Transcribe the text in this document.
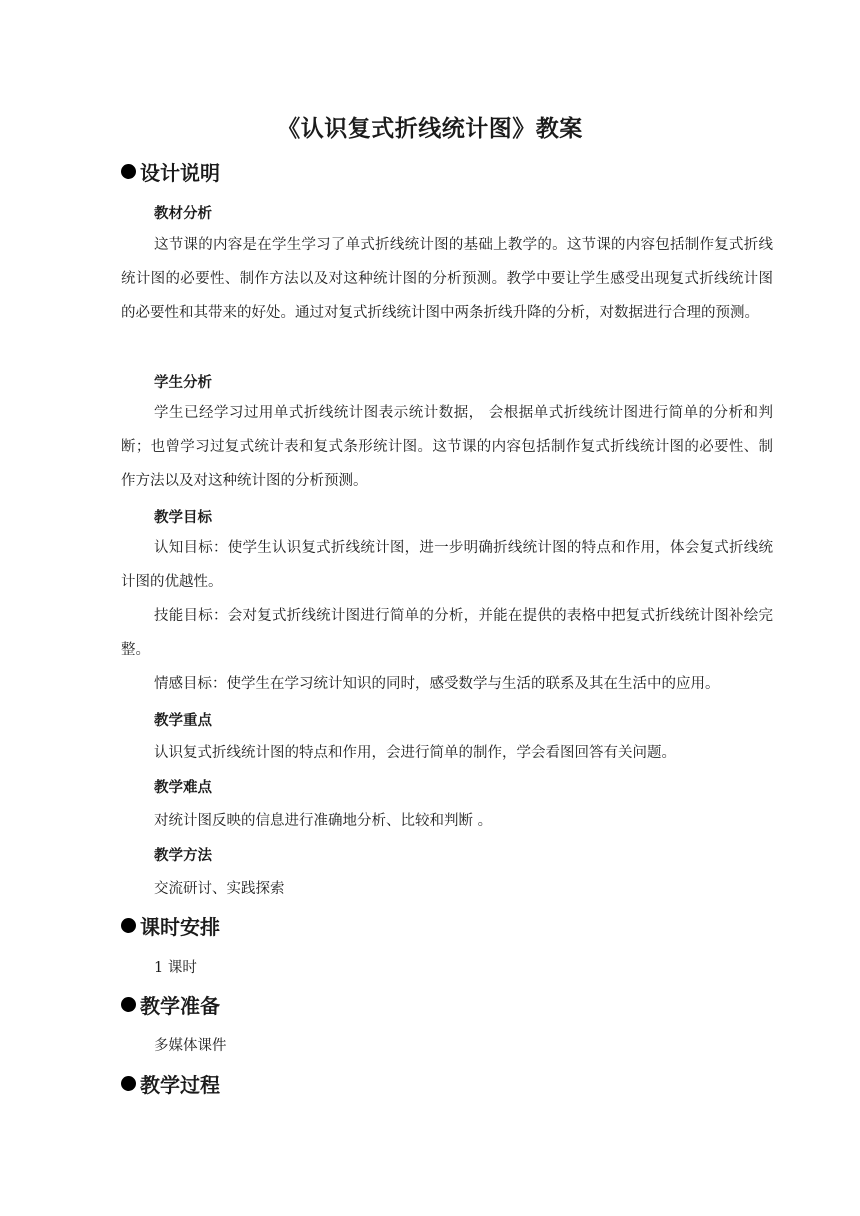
《认识复式折线统计图》教案
设计说明
教材分析
这节课的内容是在学生学习了单式折线统计图的基础上教学的。这节课的内容包括制作复式折线统计图的必要性、制作方法以及对这种统计图的分析预测。教学中要让学生感受出现复式折线统计图的必要性和其带来的好处。通过对复式折线统计图中两条折线升降的分析，对数据进行合理的预测。
学生分析
学生已经学习过用单式折线统计图表示统计数据， 会根据单式折线统计图进行简单的分析和判断；也曾学习过复式统计表和复式条形统计图。这节课的内容包括制作复式折线统计图的必要性、制作方法以及对这种统计图的分析预测。
教学目标
认知目标：使学生认识复式折线统计图，进一步明确折线统计图的特点和作用，体会复式折线统计图的优越性。
技能目标：会对复式折线统计图进行简单的分析，并能在提供的表格中把复式折线统计图补绘完整。
情感目标：使学生在学习统计知识的同时，感受数学与生活的联系及其在生活中的应用。
教学重点
认识复式折线统计图的特点和作用，会进行简单的制作，学会看图回答有关问题。
教学难点
对统计图反映的信息进行准确地分析、比较和判断 。
教学方法
交流研讨、实践探索
课时安排
1 课时
教学准备
多媒体课件
教学过程
